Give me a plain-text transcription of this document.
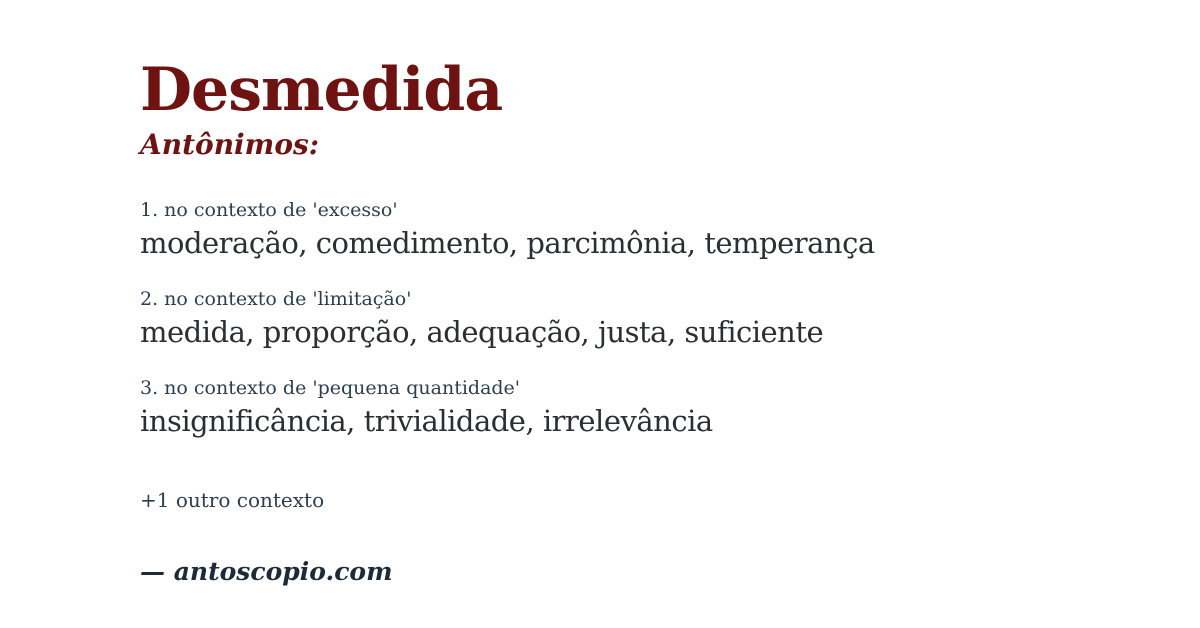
Desmedida
Antônimos:
1. no contexto de 'excesso'
moderação, comedimento, parcimônia, temperança
2. no contexto de 'limitação'
medida, proporção, adequação, justa, suficiente
3. no contexto de 'pequena quantidade'
insignificância, trivialidade, irrelevância
+1 outro contexto
— antoscopio.com
